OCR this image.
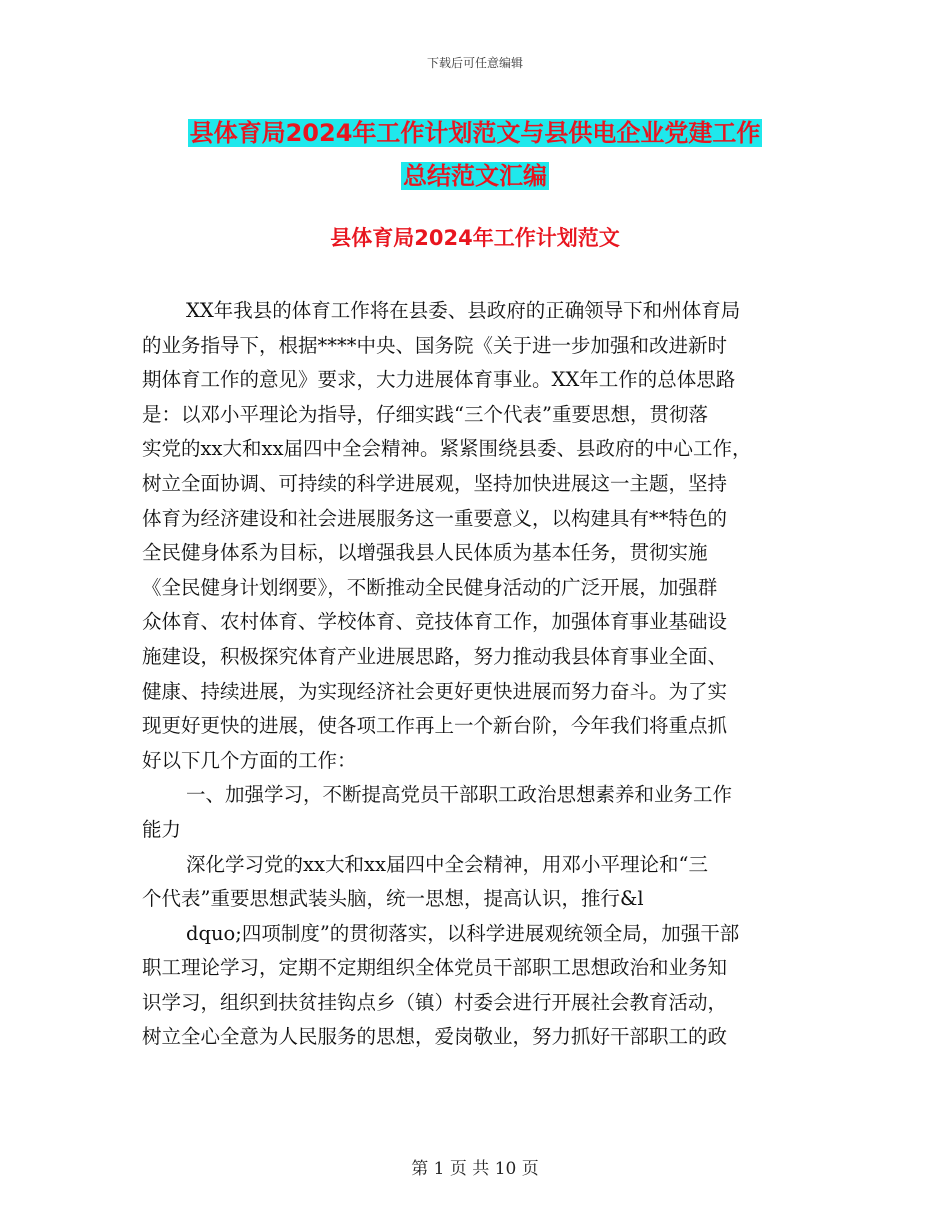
下载后可任意编辑
县体育局2024年工作计划范文与县供电企业党建工作
总结范文汇编
县体育局2024年工作计划范文
XX年我县的体育工作将在县委、县政府的正确领导下和州体育局
的业务指导下，根据****中央、国务院《关于进一步加强和改进新时
期体育工作的意见》要求，大力进展体育事业。XX年工作的总体思路
是：以邓小平理论为指导，仔细实践“三个代表”重要思想，贯彻落
实党的xx大和xx届四中全会精神。紧紧围绕县委、县政府的中心工作，
树立全面协调、可持续的科学进展观，坚持加快进展这一主题，坚持
体育为经济建设和社会进展服务这一重要意义，以构建具有**特色的
全民健身体系为目标，以增强我县人民体质为基本任务，贯彻实施
《全民健身计划纲要》，不断推动全民健身活动的广泛开展，加强群
众体育、农村体育、学校体育、竞技体育工作，加强体育事业基础设
施建设，积极探究体育产业进展思路，努力推动我县体育事业全面、
健康、持续进展，为实现经济社会更好更快进展而努力奋斗。为了实
现更好更快的进展，使各项工作再上一个新台阶，今年我们将重点抓
好以下几个方面的工作：
一、加强学习，不断提高党员干部职工政治思想素养和业务工作
能力
深化学习党的xx大和xx届四中全会精神，用邓小平理论和“三
个代表”重要思想武装头脑，统一思想，提高认识，推行&l
dquo;四项制度”的贯彻落实，以科学进展观统领全局，加强干部
职工理论学习，定期不定期组织全体党员干部职工思想政治和业务知
识学习，组织到扶贫挂钩点乡（镇）村委会进行开展社会教育活动，
树立全心全意为人民服务的思想，爱岗敬业，努力抓好干部职工的政
第 1 页 共 10 页
